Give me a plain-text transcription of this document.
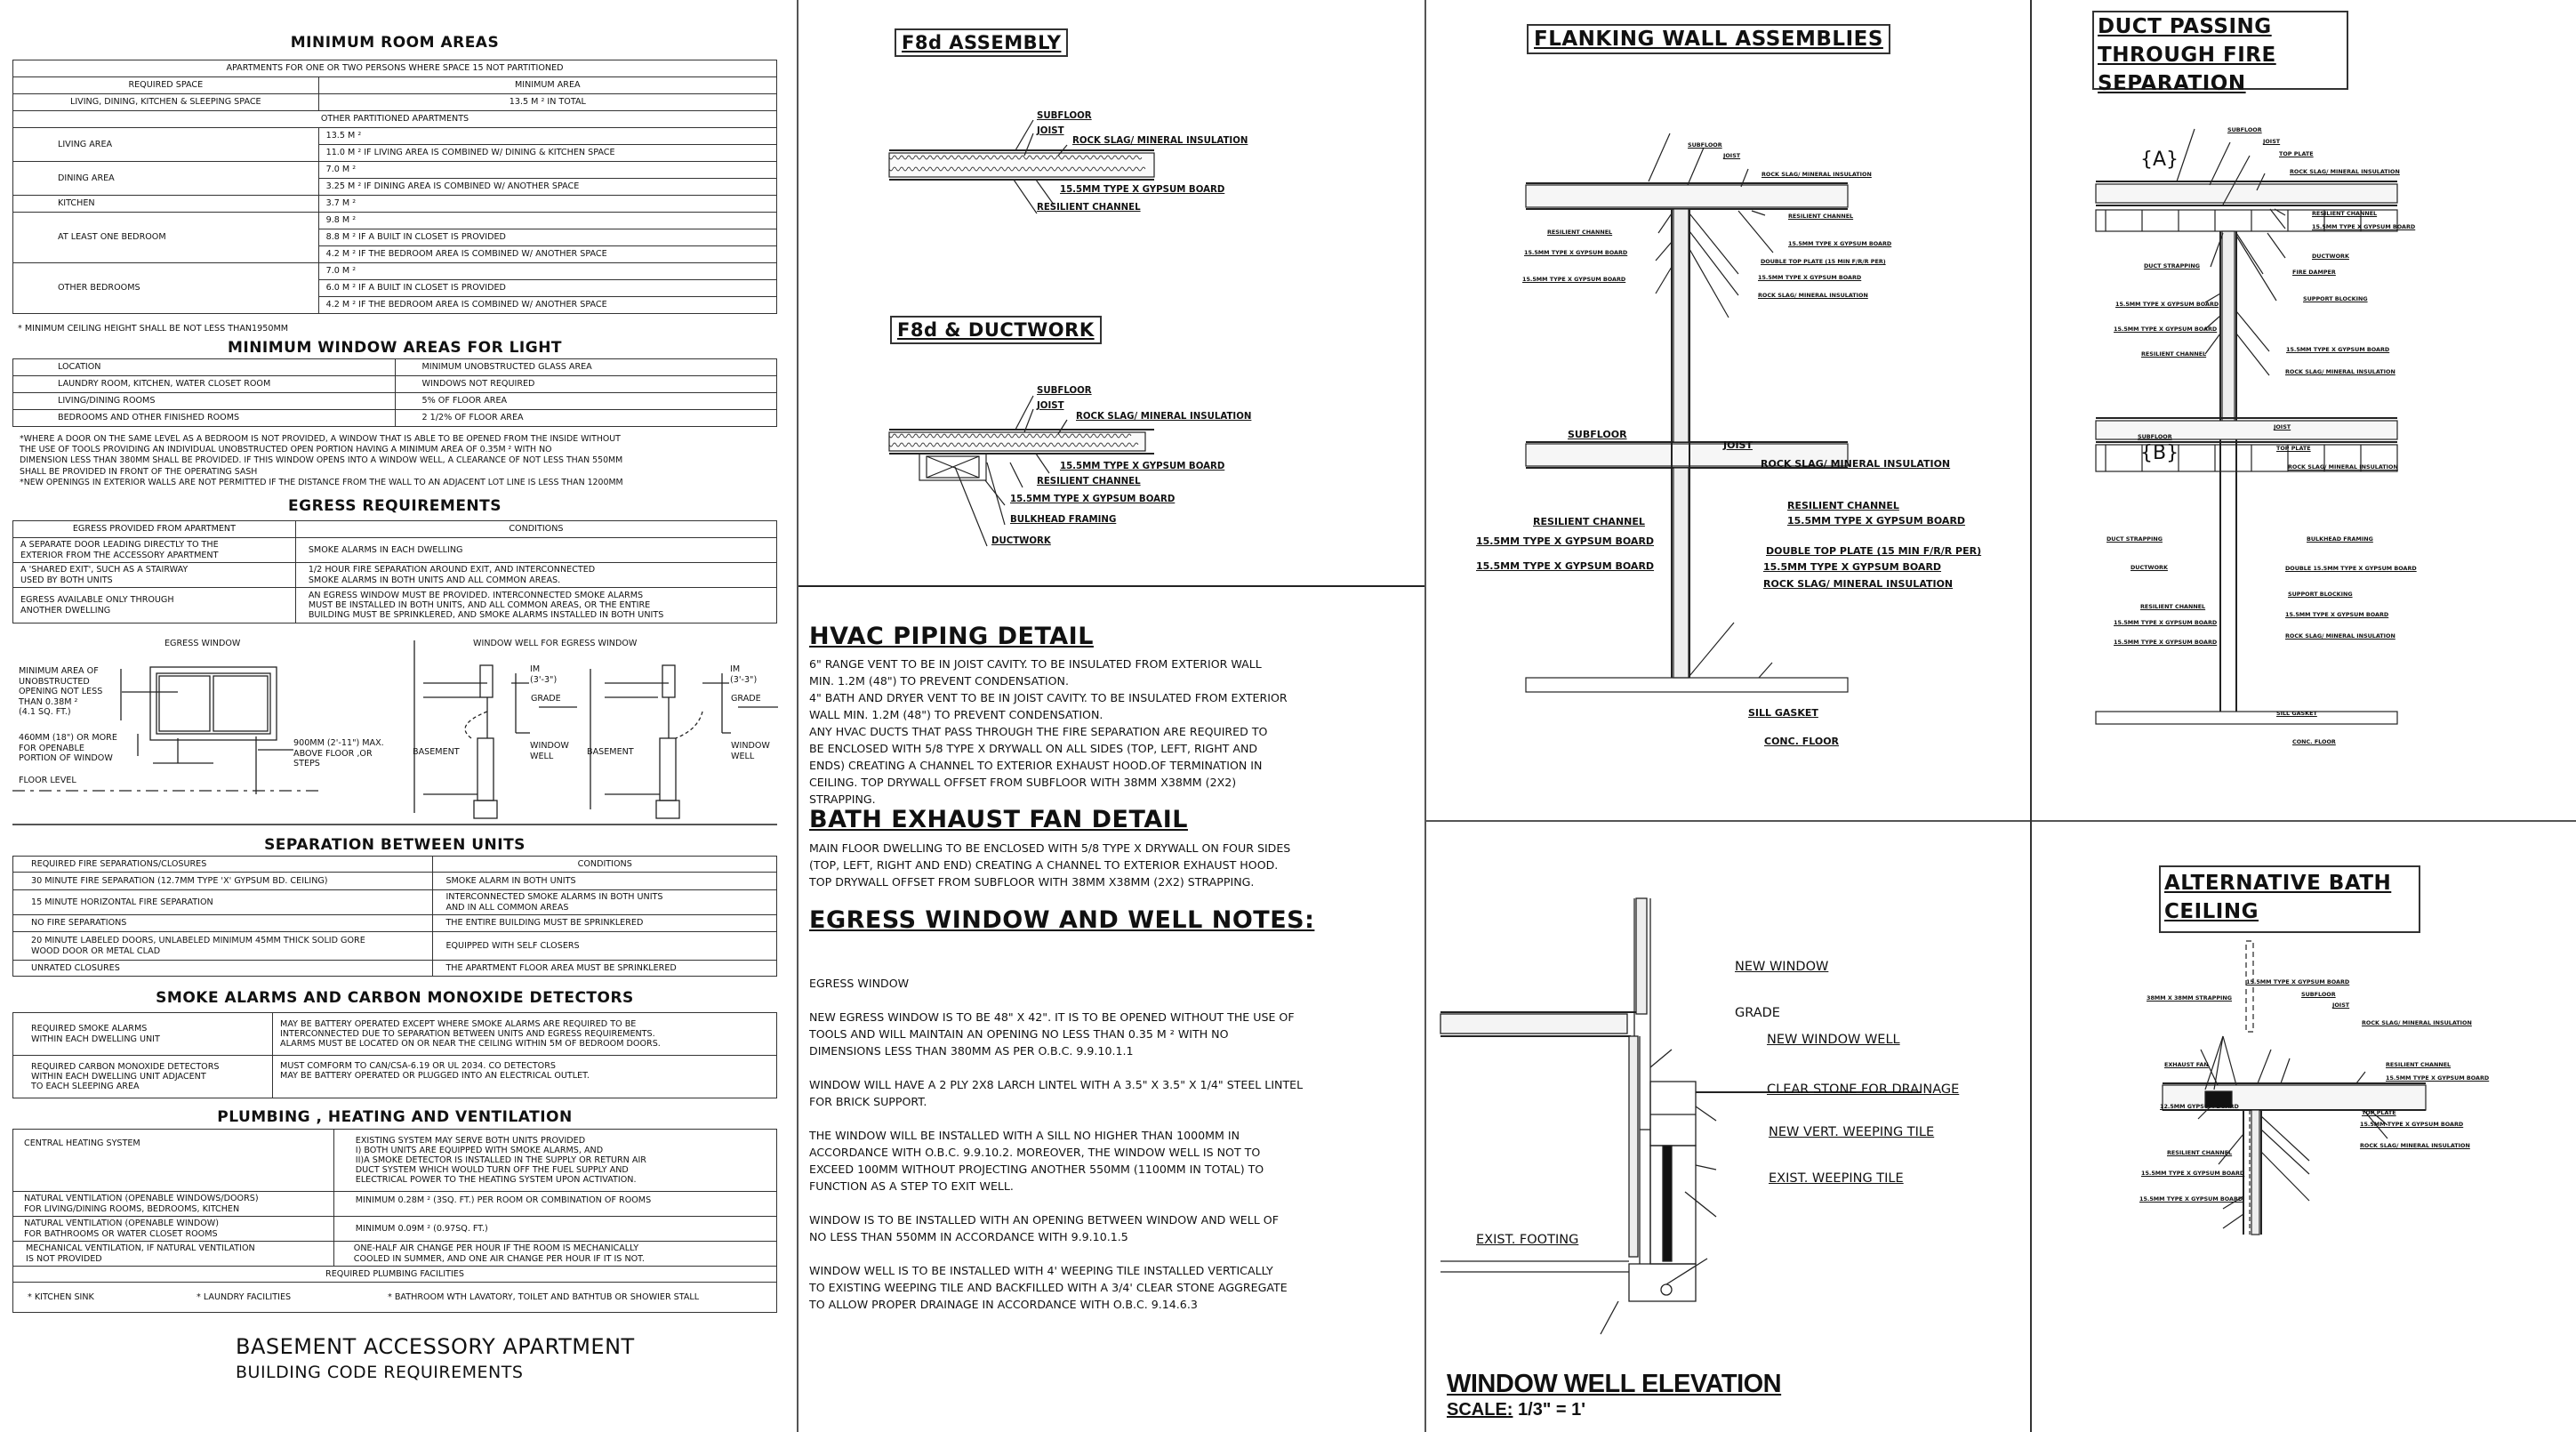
MINIMUM ROOM AREAS
APARTMENTS FOR ONE OR TWO PERSONS WHERE SPACE 15 NOT PARTITIONED
REQUIRED SPACE	MINIMUM AREA
LIVING, DINING, KITCHEN & SLEEPING SPACE	13.5 M ² IN TOTAL
OTHER PARTITIONED APARTMENTS
LIVING AREA	13.5 M ²
11.0 M ² IF LIVING AREA IS COMBINED W/ DINING & KITCHEN SPACE
DINING AREA	7.0 M ²
3.25 M ² IF DINING AREA IS COMBINED W/ ANOTHER SPACE
KITCHEN	3.7 M ²
AT LEAST ONE BEDROOM	9.8 M ²
8.8 M ² IF A BUILT IN CLOSET IS PROVIDED
4.2 M ² IF THE BEDROOM AREA IS COMBINED W/ ANOTHER SPACE
OTHER BEDROOMS	7.0 M ²
6.0 M ² IF A BUILT IN CLOSET IS PROVIDED
4.2 M ² IF THE BEDROOM AREA IS COMBINED W/ ANOTHER SPACE
* MINIMUM CEILING HEIGHT SHALL BE NOT LESS THAN1950MM
MINIMUM WINDOW AREAS FOR LIGHT
LOCATION	MINIMUM UNOBSTRUCTED GLASS AREA
LAUNDRY ROOM, KITCHEN, WATER CLOSET ROOM	WINDOWS NOT REQUIRED
LIVING/DINING ROOMS	5% OF FLOOR AREA
BEDROOMS AND OTHER FINISHED ROOMS	2 1/2% OF FLOOR AREA
*WHERE A DOOR ON THE SAME LEVEL AS A BEDROOM IS NOT PROVIDED, A WINDOW THAT IS ABLE TO BE OPENED FROM THE INSIDE WITHOUT
THE USE OF TOOLS PROVIDING AN INDIVIDUAL UNOBSTRUCTED OPEN PORTION HAVING A MINIMUM AREA OF 0.35M ² WITH NO
DIMENSION LESS THAN 380MM SHALL BE PROVIDED. IF THIS WINDOW OPENS INTO A WINDOW WELL, A CLEARANCE OF NOT LESS THAN 550MM
SHALL BE PROVIDED IN FRONT OF THE OPERATING SASH
*NEW OPENINGS IN EXTERIOR WALLS ARE NOT PERMITTED IF THE DISTANCE FROM THE WALL TO AN ADJACENT LOT LINE IS LESS THAN 1200MM
EGRESS REQUIREMENTS
EGRESS PROVIDED FROM APARTMENT	CONDITIONS
A SEPARATE DOOR LEADING DIRECTLY TO THE
EXTERIOR FROM THE ACCESSORY APARTMENT	SMOKE ALARMS IN EACH DWELLING
A 'SHARED EXIT', SUCH AS A STAIRWAY
USED BY BOTH UNITS	1/2 HOUR FIRE SEPARATION AROUND EXIT, AND INTERCONNECTED
SMOKE ALARMS IN BOTH UNITS AND ALL COMMON AREAS.
EGRESS AVAILABLE ONLY THROUGH
ANOTHER DWELLING	AN EGRESS WINDOW MUST BE PROVIDED. INTERCONNECTED SMOKE ALARMS
MUST BE INSTALLED IN BOTH UNITS, AND ALL COMMON AREAS, OR THE ENTIRE
BUILDING MUST BE SPRINKLERED, AND SMOKE ALARMS INSTALLED IN BOTH UNITS
EGRESS WINDOW	WINDOW WELL FOR EGRESS WINDOW
MINIMUM AREA OF
UNOBSTRUCTED
OPENING NOT LESS
THAN 0.38M ²
(4.1 SQ. FT.)
460MM (18") OR MORE
FOR OPENABLE
PORTION OF WINDOW
900MM (2'-11") MAX.
ABOVE FLOOR ,OR
STEPS
FLOOR LEVEL
IM
(3'-3")
IM
(3'-3")
GRADE	GRADE
BASEMENT	BASEMENT
WINDOW
WELL
WINDOW
WELL
SEPARATION BETWEEN UNITS
REQUIRED FIRE SEPARATIONS/CLOSURES	CONDITIONS
30 MINUTE FIRE SEPARATION (12.7MM TYPE 'X' GYPSUM BD. CEILING)	SMOKE ALARM IN BOTH UNITS
15 MINUTE HORIZONTAL FIRE SEPARATION	INTERCONNECTED SMOKE ALARMS IN BOTH UNITS
AND IN ALL COMMON AREAS
NO FIRE SEPARATIONS	THE ENTIRE BUILDING MUST BE SPRINKLERED
20 MINUTE LABELED DOORS, UNLABELED MINIMUM 45MM THICK SOLID GORE
WOOD DOOR OR METAL CLAD	EQUIPPED WITH SELF CLOSERS
UNRATED CLOSURES	THE APARTMENT FLOOR AREA MUST BE SPRINKLERED
SMOKE ALARMS AND CARBON MONOXIDE DETECTORS
REQUIRED SMOKE ALARMS
WITHIN EACH DWELLING UNIT	MAY BE BATTERY OPERATED EXCEPT WHERE SMOKE ALARMS ARE REQUIRED TO BE
INTERCONNECTED DUE TO SEPARATION BETWEEN UNITS AND EGRESS REQUIREMENTS.
ALARMS MUST BE LOCATED ON OR NEAR THE CEILING WITHIN 5M OF BEDROOM DOORS.
REQUIRED CARBON MONOXIDE DETECTORS
WITHIN EACH DWELLING UNIT ADJACENT
TO EACH SLEEPING AREA	MUST COMFORM TO CAN/CSA-6.19 OR UL 2034. CO DETECTORS
MAY BE BATTERY OPERATED OR PLUGGED INTO AN ELECTRICAL OUTLET.
PLUMBING , HEATING AND VENTILATION
CENTRAL HEATING SYSTEM	EXISTING SYSTEM MAY SERVE BOTH UNITS PROVIDED
I) BOTH UNITS ARE EQUIPPED WITH SMOKE ALARMS, AND
II)A SMOKE DETECTOR IS INSTALLED IN THE SUPPLY OR RETURN AIR
DUCT SYSTEM WHICH WOULD TURN OFF THE FUEL SUPPLY AND
ELECTRICAL POWER TO THE HEATING SYSTEM UPON ACTIVATION.
NATURAL VENTILATION (OPENABLE WINDOWS/DOORS)
FOR LIVING/DINING ROOMS, BEDROOMS, KITCHEN	MINIMUM 0.28M ² (3SQ. FT.) PER ROOM OR COMBINATION OF ROOMS
NATURAL VENTILATION (OPENABLE WINDOW)
FOR BATHROOMS OR WATER CLOSET ROOMS	MINIMUM 0.09M ² (0.97SQ. FT.)
MECHANICAL VENTILATION, IF NATURAL VENTILATION
IS NOT PROVIDED	ONE-HALF AIR CHANGE PER HOUR IF THE ROOM IS MECHANICALLY
COOLED IN SUMMER, AND ONE AIR CHANGE PER HOUR IF IT IS NOT.
REQUIRED PLUMBING FACILITIES

* KITCHEN SINK	* LAUNDRY FACILITIES	* BATHROOM WTH LAVATORY, TOILET AND BATHTUB OR SHOWIER STALL

BASEMENT ACCESSORY APARTMENT
BUILDING CODE REQUIREMENTS
F8d ASSEMBLY
SUBFLOOR
JOIST
ROCK SLAG/ MINERAL INSULATION
15.5MM TYPE X GYPSUM BOARD
RESILIENT CHANNEL
F8d & DUCTWORK
SUBFLOOR
JOIST
ROCK SLAG/ MINERAL INSULATION
15.5MM TYPE X GYPSUM BOARD
RESILIENT CHANNEL
15.5MM TYPE X GYPSUM BOARD
BULKHEAD FRAMING
DUCTWORK
HVAC PIPING DETAIL
6" RANGE VENT TO BE IN JOIST CAVITY. TO BE INSULATED FROM EXTERIOR WALL
MIN. 1.2M (48") TO PREVENT CONDENSATION.
4" BATH AND DRYER VENT TO BE IN JOIST CAVITY. TO BE INSULATED FROM EXTERIOR
WALL MIN. 1.2M (48") TO PREVENT CONDENSATION.
ANY HVAC DUCTS THAT PASS THROUGH THE FIRE SEPARATION ARE REQUIRED TO
BE ENCLOSED WITH 5/8 TYPE X DRYWALL ON ALL SIDES (TOP, LEFT, RIGHT AND
ENDS) CREATING A CHANNEL TO EXTERIOR EXHAUST HOOD.OF TERMINATION IN
CEILING. TOP DRYWALL OFFSET FROM SUBFLOOR WITH 38MM X38MM (2X2)
STRAPPING.
BATH EXHAUST FAN DETAIL
MAIN FLOOR DWELLING TO BE ENCLOSED WITH 5/8 TYPE X DRYWALL ON FOUR SIDES
(TOP, LEFT, RIGHT AND END) CREATING A CHANNEL TO EXTERIOR EXHAUST HOOD.
TOP DRYWALL OFFSET FROM SUBFLOOR WITH 38MM X38MM (2X2) STRAPPING.
EGRESS WINDOW AND WELL NOTES:
EGRESS WINDOW
NEW EGRESS WINDOW IS TO BE 48" X 42". IT IS TO BE OPENED WITHOUT THE USE OF
TOOLS AND WILL MAINTAIN AN OPENING NO LESS THAN 0.35 M ² WITH NO
DIMENSIONS LESS THAN 380MM AS PER O.B.C. 9.9.10.1.1
WINDOW WILL HAVE A 2 PLY 2X8 LARCH LINTEL WITH A 3.5" X 3.5" X 1/4" STEEL LINTEL
FOR BRICK SUPPORT.
THE WINDOW WILL BE INSTALLED WITH A SILL NO HIGHER THAN 1000MM IN
ACCORDANCE WITH O.B.C. 9.9.10.2. MOREOVER, THE WINDOW WELL IS NOT TO
EXCEED 100MM WITHOUT PROJECTING ANOTHER 550MM (1100MM IN TOTAL) TO
FUNCTION AS A STEP TO EXIT WELL.
WINDOW IS TO BE INSTALLED WITH AN OPENING BETWEEN WINDOW AND WELL OF
NO LESS THAN 550MM IN ACCORDANCE WITH 9.9.10.1.5
WINDOW WELL IS TO BE INSTALLED WITH 4' WEEPING TILE INSTALLED VERTICALLY
TO EXISTING WEEPING TILE AND BACKFILLED WITH A 3/4' CLEAR STONE AGGREGATE
TO ALLOW PROPER DRAINAGE IN ACCORDANCE WITH O.B.C. 9.14.6.3
FLANKING WALL ASSEMBLIES
SUBFLOOR
JOIST
ROCK SLAG/ MINERAL INSULATION
RESILIENT CHANNEL
15.5MM TYPE X GYPSUM BOARD
DOUBLE TOP PLATE (15 MIN F/R/R PER)
15.5MM TYPE X GYPSUM BOARD
ROCK SLAG/ MINERAL INSULATION
RESILIENT CHANNEL
15.5MM TYPE X GYPSUM BOARD
15.5MM TYPE X GYPSUM BOARD
SUBFLOOR
JOIST
ROCK SLAG/ MINERAL INSULATION
RESILIENT CHANNEL
15.5MM TYPE X GYPSUM BOARD
DOUBLE TOP PLATE (15 MIN F/R/R PER)
15.5MM TYPE X GYPSUM BOARD
ROCK SLAG/ MINERAL INSULATION
RESILIENT CHANNEL
15.5MM TYPE X GYPSUM BOARD
15.5MM TYPE X GYPSUM BOARD
SILL GASKET
CONC. FLOOR
DUCT PASSING
THROUGH FIRE
SEPARATION
{A}
{B}
SUBFLOOR
JOIST
TOP PLATE
ROCK SLAG/ MINERAL INSULATION
RESILIENT CHANNEL
15.5MM TYPE X GYPSUM BOARD
DUCTWORK
FIRE DAMPER
SUPPORT BLOCKING
15.5MM TYPE X GYPSUM BOARD
ROCK SLAG/ MINERAL INSULATION
DUCT STRAPPING
15.5MM TYPE X GYPSUM BOARD
15.5MM TYPE X GYPSUM BOARD
RESILIENT CHANNEL
SUBFLOOR
JOIST
TOP PLATE
ROCK SLAG/ MINERAL INSULATION
DUCT STRAPPING	BULKHEAD FRAMING
DUCTWORK	DOUBLE 15.5MM TYPE X GYPSUM BOARD
SUPPORT BLOCKING
15.5MM TYPE X GYPSUM BOARD
ROCK SLAG/ MINERAL INSULATION
RESILIENT CHANNEL
15.5MM TYPE X GYPSUM BOARD
15.5MM TYPE X GYPSUM BOARD
SILL GASKET
CONC. FLOOR
NEW WINDOW
GRADE
NEW WINDOW WELL
CLEAR STONE FOR DRAINAGE
NEW VERT. WEEPING TILE
EXIST. WEEPING TILE
EXIST. FOOTING
WINDOW WELL ELEVATION
SCALE: 1/3" = 1'
ALTERNATIVE BATH
CEILING
15.5MM TYPE X GYPSUM BOARD
38MM X 38MM STRAPPING	SUBFLOOR
JOIST
ROCK SLAG/ MINERAL INSULATION
EXHAUST FAN	RESILIENT CHANNEL
15.5MM TYPE X GYPSUM BOARD
12.5MM GYPSUM BOARD
TOP PLATE
15.5MM TYPE X GYPSUM BOARD
ROCK SLAG/ MINERAL INSULATION
RESILIENT CHANNEL
15.5MM TYPE X GYPSUM BOARD
15.5MM TYPE X GYPSUM BOARD
